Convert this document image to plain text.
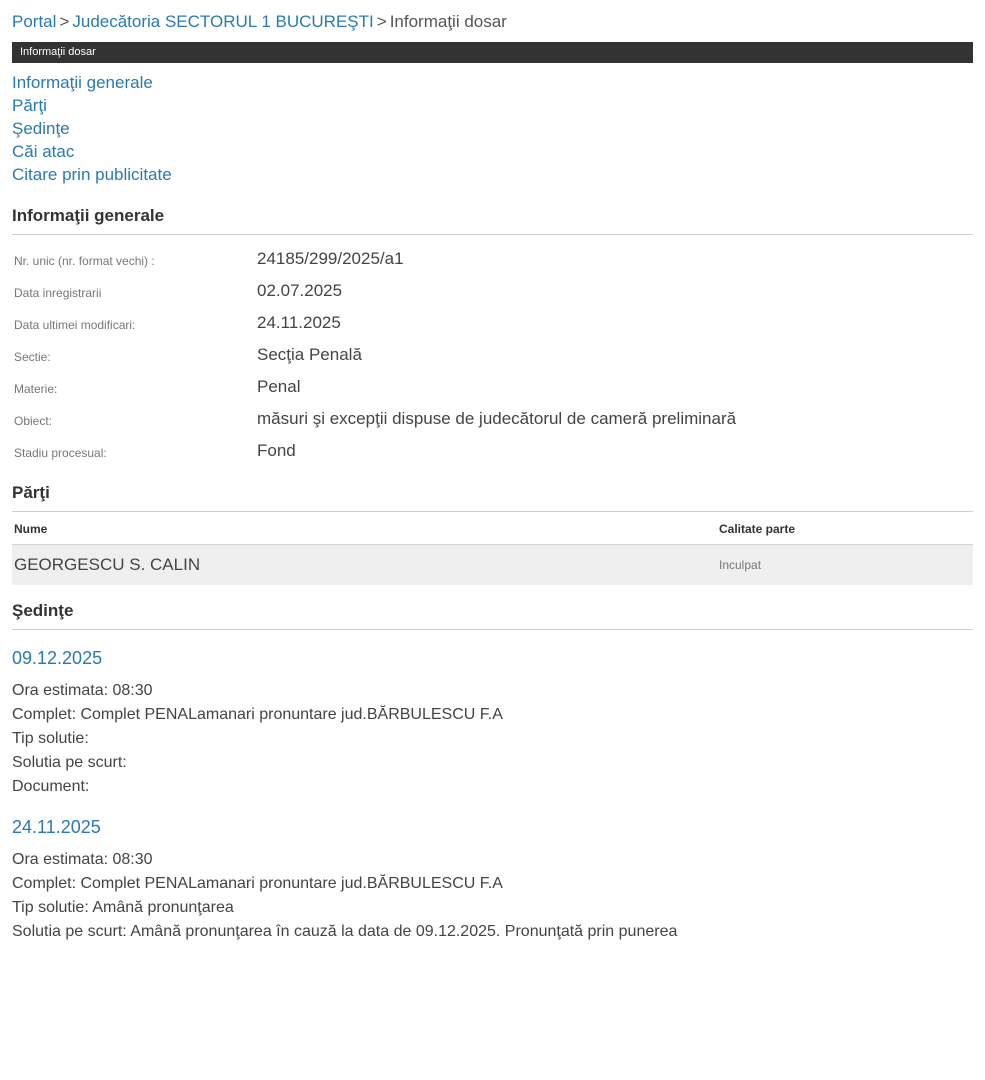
Portal > Judecătoria SECTORUL 1 BUCUREŞTI > Informaţii dosar
Informaţii dosar
Informaţii generale
Părţi
Şedinţe
Căi atac
Citare prin publicitate
Informaţii generale
Nr. unic (nr. format vechi) :	24185/299/2025/a1
Data inregistrarii	02.07.2025
Data ultimei modificari:	24.11.2025
Sectie:	Secţia Penală
Materie:	Penal
Obiect:	măsuri şi excepţii dispuse de judecătorul de cameră preliminară
Stadiu procesual:	Fond
Părţi
Nume	Calitate parte
GEORGESCU S. CALIN	Inculpat
Şedinţe
09.12.2025
Ora estimata: 08:30
Complet: Complet PENALamanari pronuntare jud.BĂRBULESCU F.A
Tip solutie:
Solutia pe scurt:
Document:
24.11.2025
Ora estimata: 08:30
Complet: Complet PENALamanari pronuntare jud.BĂRBULESCU F.A
Tip solutie: Amână pronunţarea
Solutia pe scurt: Amână pronunţarea în cauză la data de 09.12.2025. Pronunţată prin punerea
